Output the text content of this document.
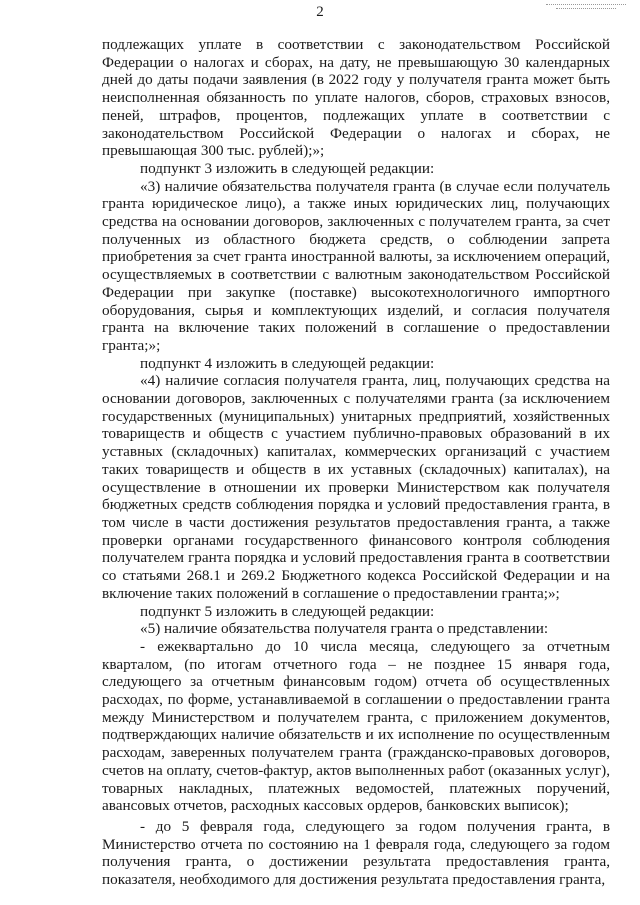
2

подлежащих уплате в соответствии с законодательством Российской Федерации о налогах и сборах, на дату, не превышающую 30 календарных дней до даты подачи заявления (в 2022 году у получателя гранта может быть неисполненная обязанность по уплате налогов, сборов, страховых взносов, пеней, штрафов, процентов, подлежащих уплате в соответствии с законодательством Российской Федерации о налогах и сборах, не превышающая 300 тыс. рублей);»;

подпункт 3 изложить в следующей редакции:

«3) наличие обязательства получателя гранта (в случае если получатель гранта юридическое лицо), а также иных юридических лиц, получающих средства на основании договоров, заключенных с получателем гранта, за счет полученных из областного бюджета средств, о соблюдении запрета приобретения за счет гранта иностранной валюты, за исключением операций, осуществляемых в соответствии с валютным законодательством Российской Федерации при закупке (поставке) высокотехнологичного импортного оборудования, сырья и комплектующих изделий, и согласия получателя гранта на включение таких положений в соглашение о предоставлении гранта;»;

подпункт 4 изложить в следующей редакции:

«4) наличие согласия получателя гранта, лиц, получающих средства на основании договоров, заключенных с получателями гранта (за исключением государственных (муниципальных) унитарных предприятий, хозяйственных товариществ и обществ с участием публично-правовых образований в их уставных (складочных) капиталах, коммерческих организаций с участием таких товариществ и обществ в их уставных (складочных) капиталах), на осуществление в отношении их проверки Министерством как получателя бюджетных средств соблюдения порядка и условий предоставления гранта, в том числе в части достижения результатов предоставления гранта, а также проверки органами государственного финансового контроля соблюдения получателем гранта порядка и условий предоставления гранта в соответствии со статьями 268.1 и 269.2 Бюджетного кодекса Российской Федерации и на включение таких положений в соглашение о предоставлении гранта;»;

подпункт 5 изложить в следующей редакции:

«5) наличие обязательства получателя гранта о представлении:

- ежеквартально до 10 числа месяца, следующего за отчетным кварталом, (по итогам отчетного года – не позднее 15 января года, следующего за отчетным финансовым годом) отчета об осуществленных расходах, по форме, устанавливаемой в соглашении о предоставлении гранта между Министерством и получателем гранта, с приложением документов, подтверждающих наличие обязательств и их исполнение по осуществленным расходам, заверенных получателем гранта (гражданско-правовых договоров, счетов на оплату, счетов-фактур, актов выполненных работ (оказанных услуг), товарных накладных, платежных ведомостей, платежных поручений, авансовых отчетов, расходных кассовых ордеров, банковских выписок);

- до 5 февраля года, следующего за годом получения гранта, в Министерство отчета по состоянию на 1 февраля года, следующего за годом получения гранта, о достижении результата предоставления гранта, показателя, необходимого для достижения результата предоставления гранта,
